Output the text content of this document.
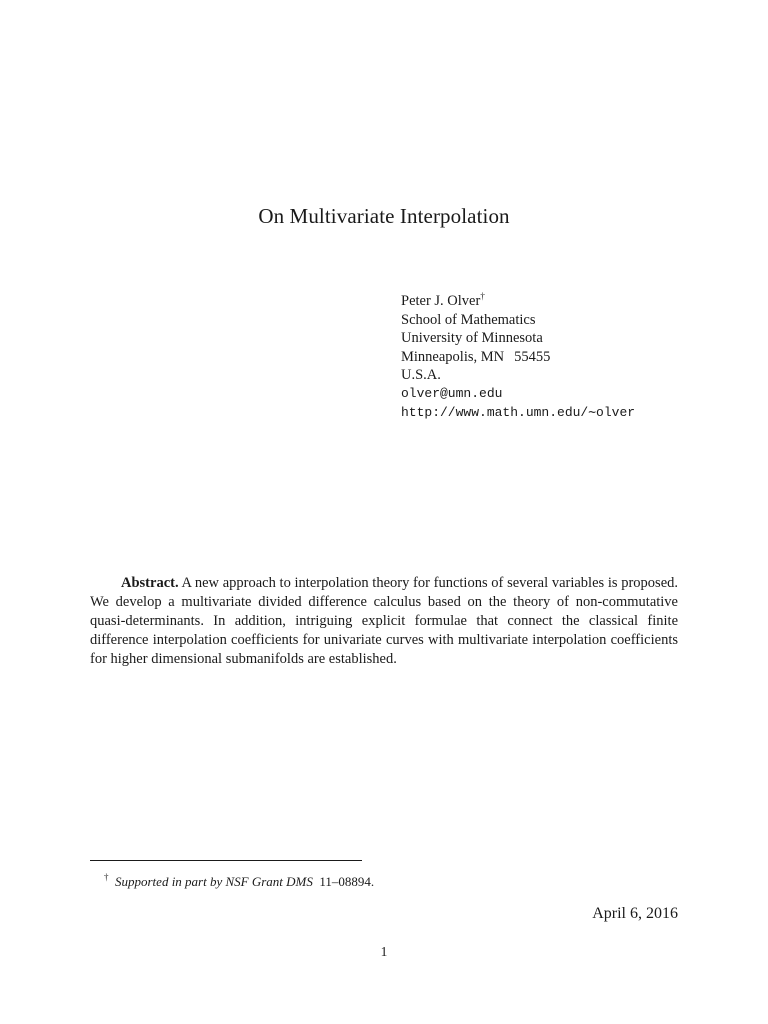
On Multivariate Interpolation
Peter J. Olver†
School of Mathematics
University of Minnesota
Minneapolis, MN 55455
U.S.A.
olver@umn.edu
http://www.math.umn.edu/∼olver
Abstract. A new approach to interpolation theory for functions of several variables is proposed. We develop a multivariate divided difference calculus based on the theory of non-commutative quasi-determinants. In addition, intriguing explicit formulae that connect the classical finite difference interpolation coefficients for univariate curves with multivariate interpolation coefficients for higher dimensional submanifolds are established.
† Supported in part by NSF Grant DMS 11–08894.
April 6, 2016
1
